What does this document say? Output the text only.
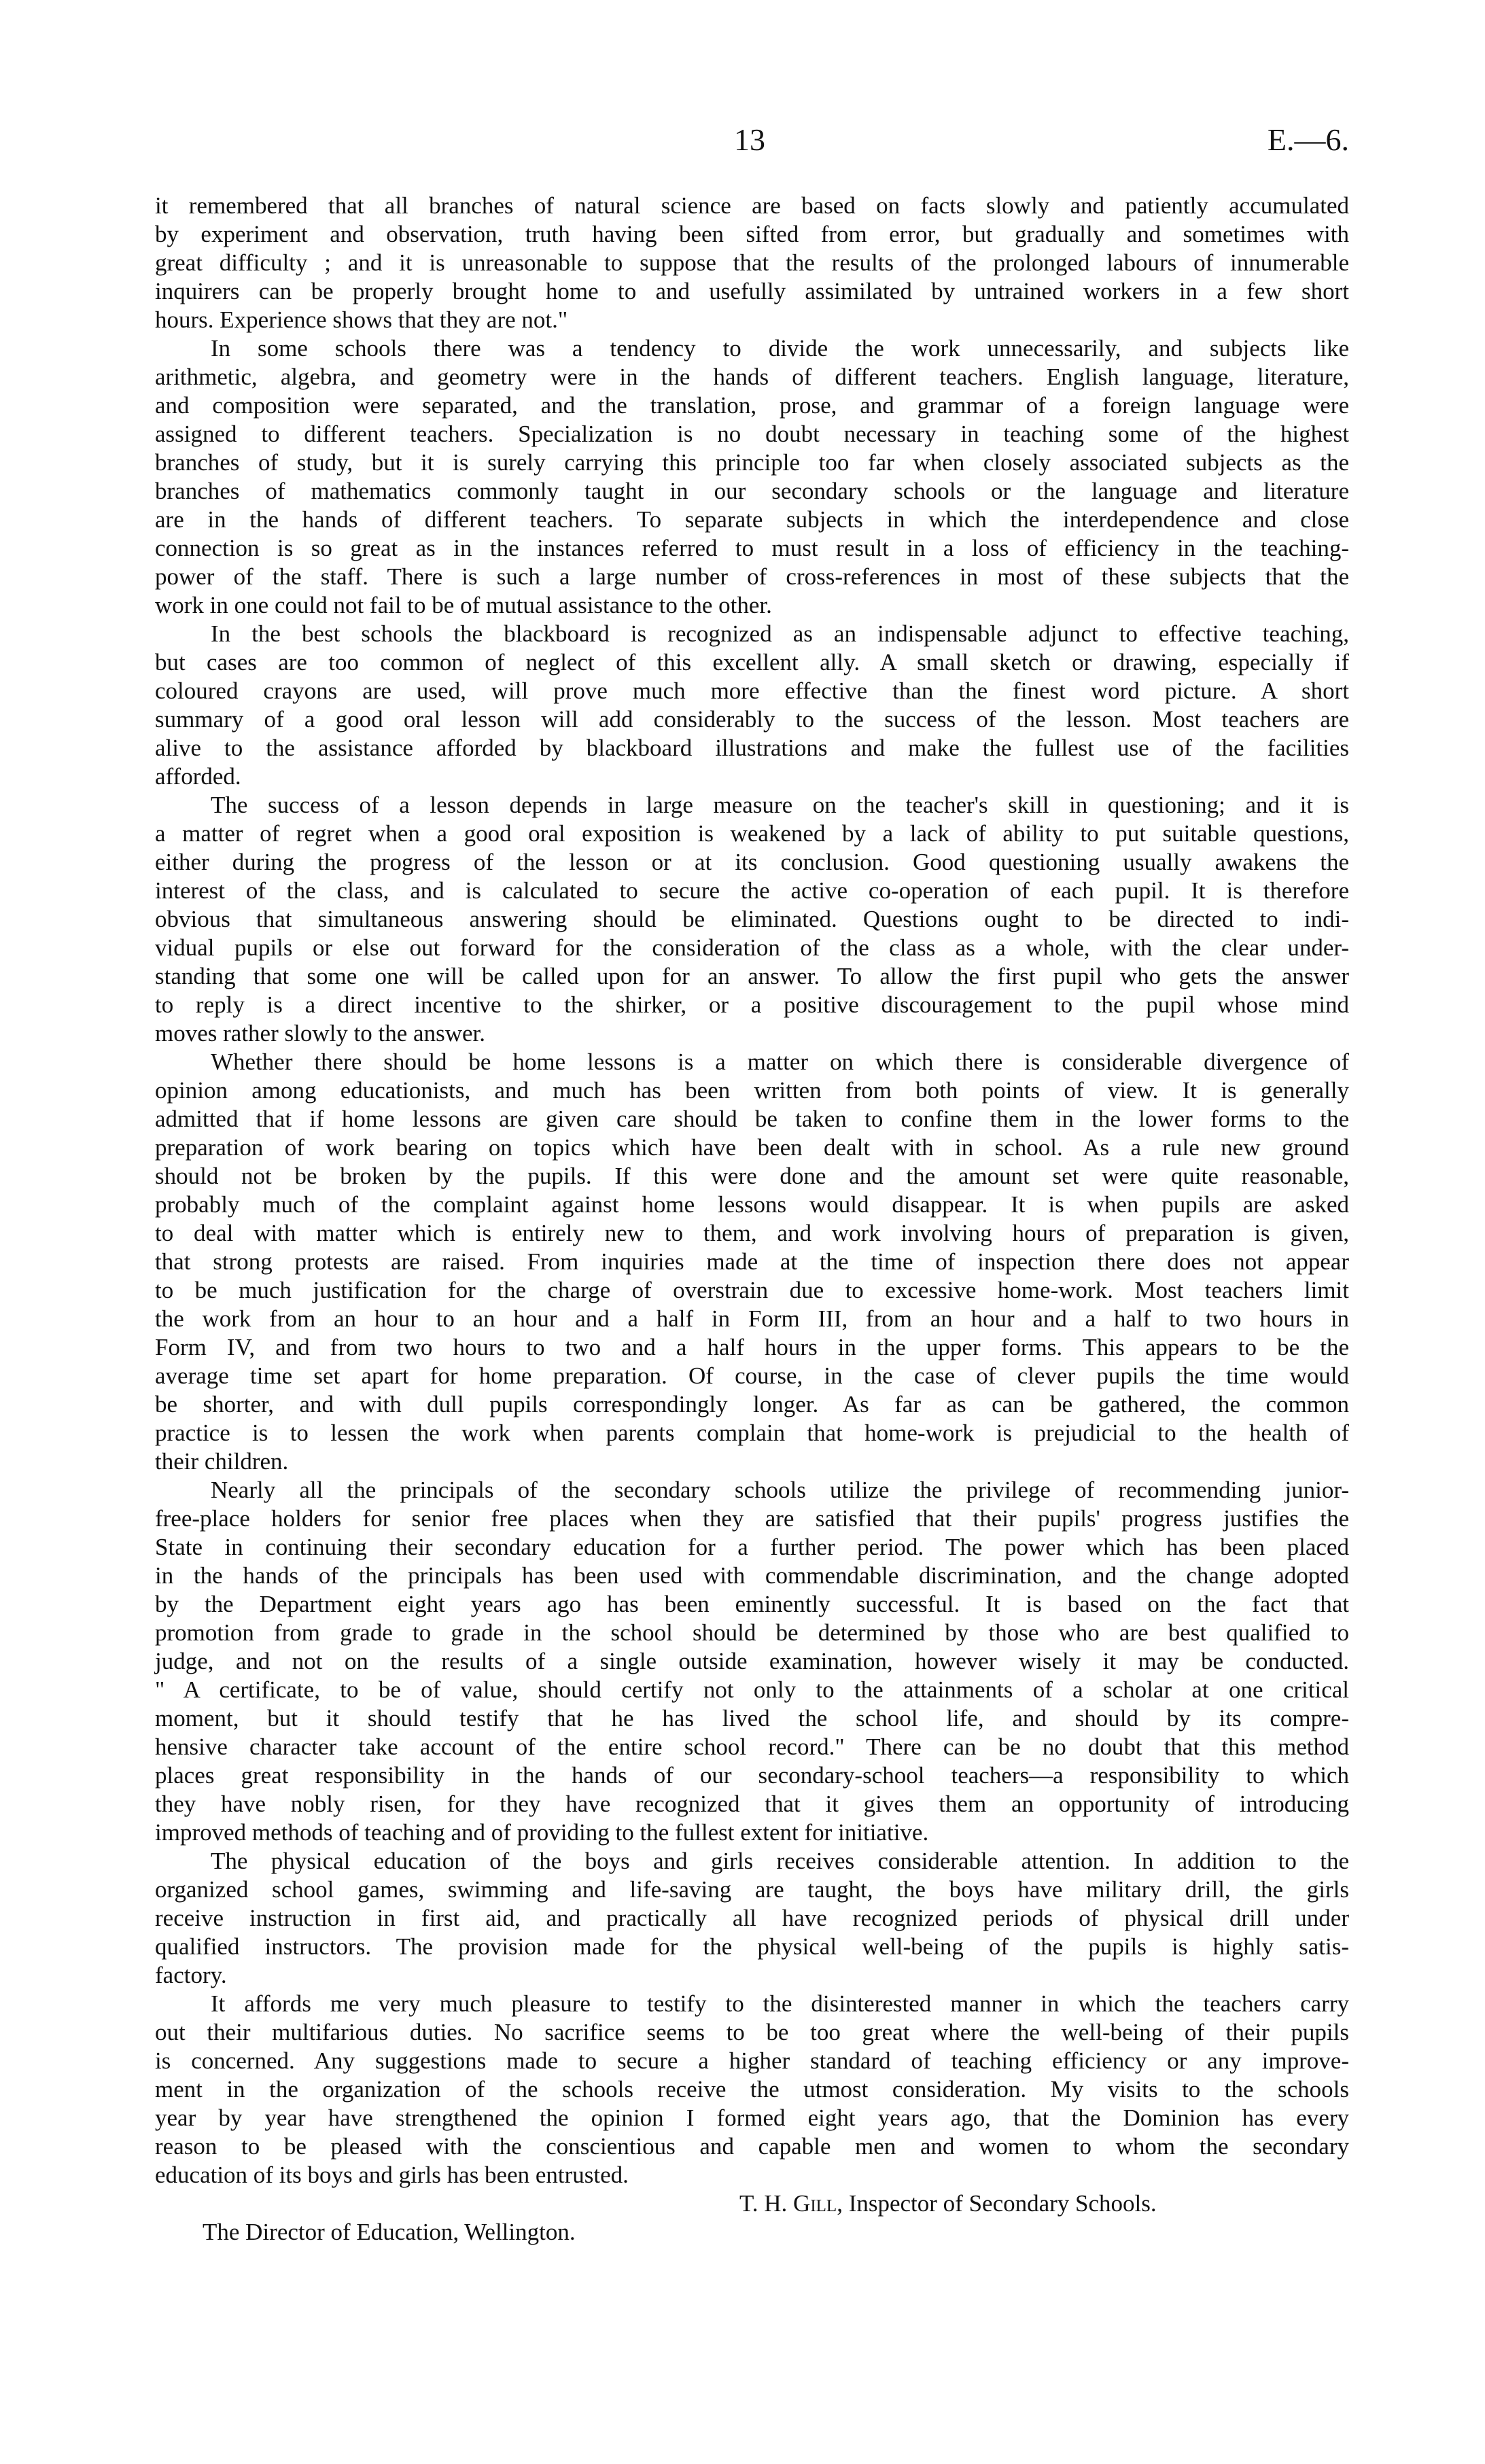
13	E.—6.
it remembered that all branches of natural science are based on facts slowly and patiently accumulated
by experiment and observation, truth having been sifted from error, but gradually and sometimes with
great difficulty ; and it is unreasonable to suppose that the results of the prolonged labours of innumerable
inquirers can be properly brought home to and usefully assimilated by untrained workers in a few short
hours. Experience shows that they are not."
In some schools there was a tendency to divide the work unnecessarily, and subjects like
arithmetic, algebra, and geometry were in the hands of different teachers. English language, literature,
and composition were separated, and the translation, prose, and grammar of a foreign language were
assigned to different teachers. Specialization is no doubt necessary in teaching some of the highest
branches of study, but it is surely carrying this principle too far when closely associated subjects as the
branches of mathematics commonly taught in our secondary schools or the language and literature
are in the hands of different teachers. To separate subjects in which the interdependence and close
connection is so great as in the instances referred to must result in a loss of efficiency in the teaching-
power of the staff. There is such a large number of cross-references in most of these subjects that the
work in one could not fail to be of mutual assistance to the other.
In the best schools the blackboard is recognized as an indispensable adjunct to effective teaching,
but cases are too common of neglect of this excellent ally. A small sketch or drawing, especially if
coloured crayons are used, will prove much more effective than the finest word picture. A short
summary of a good oral lesson will add considerably to the success of the lesson. Most teachers are
alive to the assistance afforded by blackboard illustrations and make the fullest use of the facilities
afforded.
The success of a lesson depends in large measure on the teacher's skill in questioning; and it is
a matter of regret when a good oral exposition is weakened by a lack of ability to put suitable questions,
either during the progress of the lesson or at its conclusion. Good questioning usually awakens the
interest of the class, and is calculated to secure the active co-operation of each pupil. It is therefore
obvious that simultaneous answering should be eliminated. Questions ought to be directed to indi-
vidual pupils or else out forward for the consideration of the class as a whole, with the clear under-
standing that some one will be called upon for an answer. To allow the first pupil who gets the answer
to reply is a direct incentive to the shirker, or a positive discouragement to the pupil whose mind
moves rather slowly to the answer.
Whether there should be home lessons is a matter on which there is considerable divergence of
opinion among educationists, and much has been written from both points of view. It is generally
admitted that if home lessons are given care should be taken to confine them in the lower forms to the
preparation of work bearing on topics which have been dealt with in school. As a rule new ground
should not be broken by the pupils. If this were done and the amount set were quite reasonable,
probably much of the complaint against home lessons would disappear. It is when pupils are asked
to deal with matter which is entirely new to them, and work involving hours of preparation is given,
that strong protests are raised. From inquiries made at the time of inspection there does not appear
to be much justification for the charge of overstrain due to excessive home-work. Most teachers limit
the work from an hour to an hour and a half in Form III, from an hour and a half to two hours in
Form IV, and from two hours to two and a half hours in the upper forms. This appears to be the
average time set apart for home preparation. Of course, in the case of clever pupils the time would
be shorter, and with dull pupils correspondingly longer. As far as can be gathered, the common
practice is to lessen the work when parents complain that home-work is prejudicial to the health of
their children.
Nearly all the principals of the secondary schools utilize the privilege of recommending junior-
free-place holders for senior free places when they are satisfied that their pupils' progress justifies the
State in continuing their secondary education for a further period. The power which has been placed
in the hands of the principals has been used with commendable discrimination, and the change adopted
by the Department eight years ago has been eminently successful. It is based on the fact that
promotion from grade to grade in the school should be determined by those who are best qualified to
judge, and not on the results of a single outside examination, however wisely it may be conducted.
" A certificate, to be of value, should certify not only to the attainments of a scholar at one critical
moment, but it should testify that he has lived the school life, and should by its compre-
hensive character take account of the entire school record." There can be no doubt that this method
places great responsibility in the hands of our secondary-school teachers—a responsibility to which
they have nobly risen, for they have recognized that it gives them an opportunity of introducing
improved methods of teaching and of providing to the fullest extent for initiative.
The physical education of the boys and girls receives considerable attention. In addition to the
organized school games, swimming and life-saving are taught, the boys have military drill, the girls
receive instruction in first aid, and practically all have recognized periods of physical drill under
qualified instructors. The provision made for the physical well-being of the pupils is highly satis-
factory.
It affords me very much pleasure to testify to the disinterested manner in which the teachers carry
out their multifarious duties. No sacrifice seems to be too great where the well-being of their pupils
is concerned. Any suggestions made to secure a higher standard of teaching efficiency or any improve-
ment in the organization of the schools receive the utmost consideration. My visits to the schools
year by year have strengthened the opinion I formed eight years ago, that the Dominion has every
reason to be pleased with the conscientious and capable men and women to whom the secondary
education of its boys and girls has been entrusted.
T. H. Gill, Inspector of Secondary Schools.
The Director of Education, Wellington.
